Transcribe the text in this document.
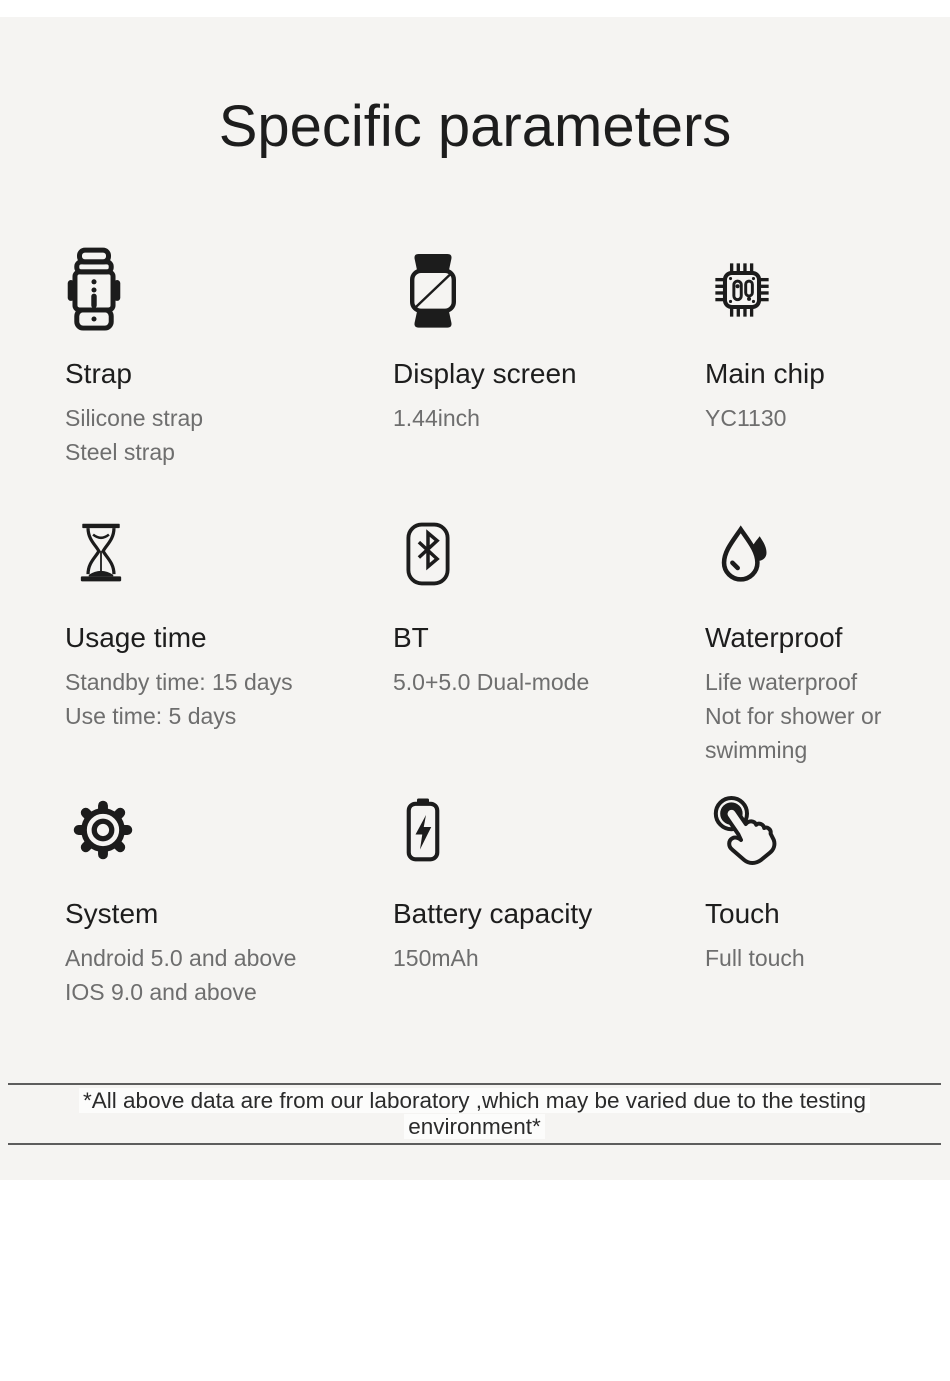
Specific parameters
Strap
Silicone strap
Steel strap
Display screen
1.44inch
Main chip
YC1130
Usage time
Standby time: 15 days
Use time: 5 days
BT
5.0+5.0 Dual-mode
Waterproof
Life waterproof
Not for shower or swimming
System
Android 5.0 and above
IOS 9.0 and above
Battery capacity
150mAh
Touch
Full touch
*All above data are from our laboratory ,which may be varied due to the testing
environment*
